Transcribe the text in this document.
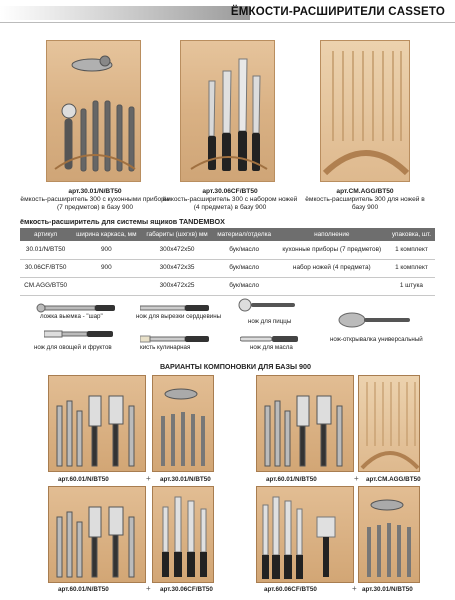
ЁМКОСТИ-РАСШИРИТЕЛИ CASSETO
арт.30.01/N/BT50
ёмкость-расширитель 300 с кухонными приборы (7 предметов) в базу 900
арт.30.06CF/BT50
ёмкость-расширитель 300 с набором ножей (4 предмета) в базу 900
арт.CM.AGG/BT50
ёмкость-расширитель 300 для ножей в базу 900
ёмкость-расширитель для системы ящиков TANDEMBOX
артикул	ширина каркаса, мм	габариты (шхгхв) мм	материал/отделка	наполнение	упаковка, шт.
30.01/N/BT50	900	300x472x50	бук/масло	кухонные приборы (7 предметов)	1 комплект
30.06CF/BT50	900	300x472x35	бук/масло	набор ножей (4 предмета)	1 комплект
CM.AGG/BT50		300x472x25	бук/масло		1 штука
ложка выемка - "шар"	нож для вырезки сердцевины
нож для пиццы
нож-открывалка универсальный
кисть кулинарная	нож для масла
нож для овощей и фруктов
ВАРИАНТЫ КОМПОНОВКИ ДЛЯ БАЗЫ 900
арт.60.01/N/BT50	+ арт.30.01/N/BT50	арт.60.01/N/BT50	+ арт.CM.AGG/BT50
арт.60.01/N/BT50	+ арт.30.06CF/BT50	арт.60.06CF/BT50	+ арт.30.01/N/BT50
